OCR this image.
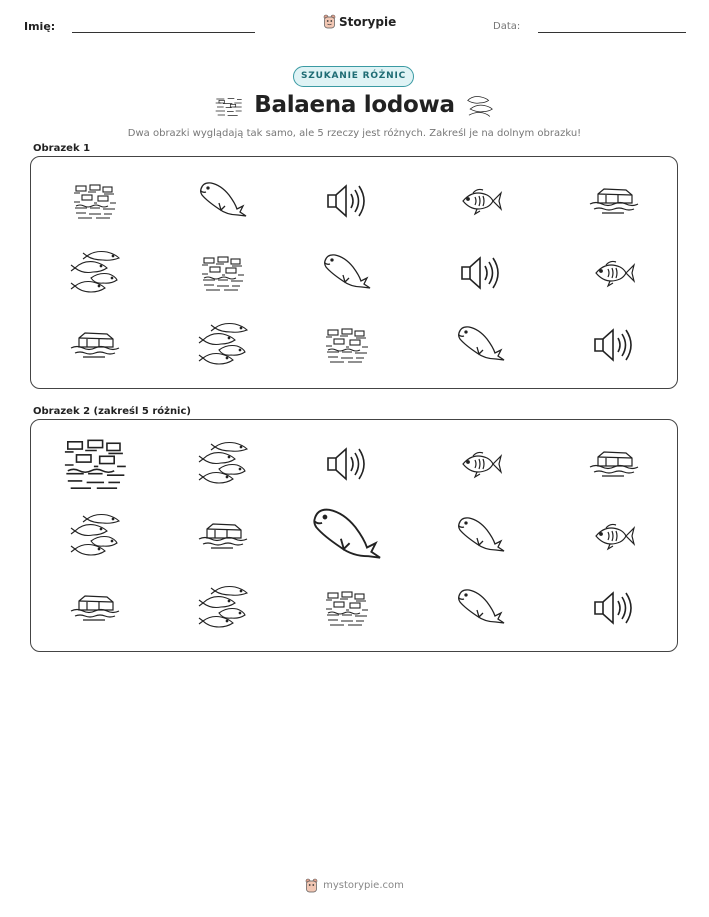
Imię:	Storypie	Data:
SZUKANIE RÓŻNIC
Balaena lodowa
Dwa obrazki wyglądają tak samo, ale 5 rzeczy jest różnych. Zakreśl je na dolnym obrazku!
Obrazek 1
Obrazek 2 (zakreśl 5 różnic)
mystorypie.com
